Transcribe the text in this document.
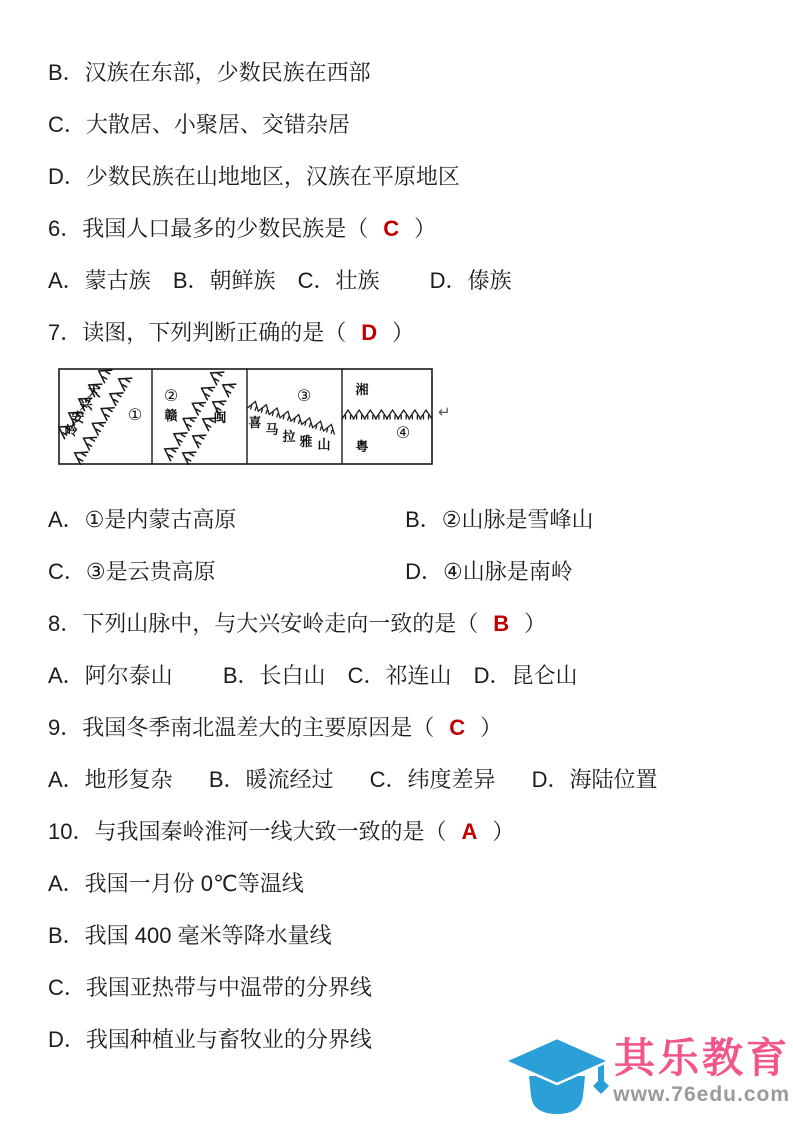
B．汉族在东部，少数民族在西部
C．大散居、小聚居、交错杂居
D．少数民族在山地地区，汉族在平原地区
6．我国人口最多的少数民族是（ C ）
A．蒙古族 B．朝鲜族 C．壮族 D．傣族
7．读图，下列判断正确的是（ D ）
大
兴
安
岭
①
②
赣	闽
③
喜 马 拉 雅 山
湘
④
粤
↵
A．①是内蒙古高原	B．②山脉是雪峰山
C．③是云贵高原	D．④山脉是南岭
8．下列山脉中，与大兴安岭走向一致的是（ B ）
A．阿尔泰山 B．长白山 C．祁连山 D．昆仑山
9．我国冬季南北温差大的主要原因是（ C ）
A．地形复杂 B．暖流经过 C．纬度差异 D．海陆位置
10．与我国秦岭淮河一线大致一致的是（ A ）
A．我国一月份 0℃等温线
B．我国 400 毫米等降水量线
C．我国亚热带与中温带的分界线
D．我国种植业与畜牧业的分界线	其乐教育
www.76edu.com
